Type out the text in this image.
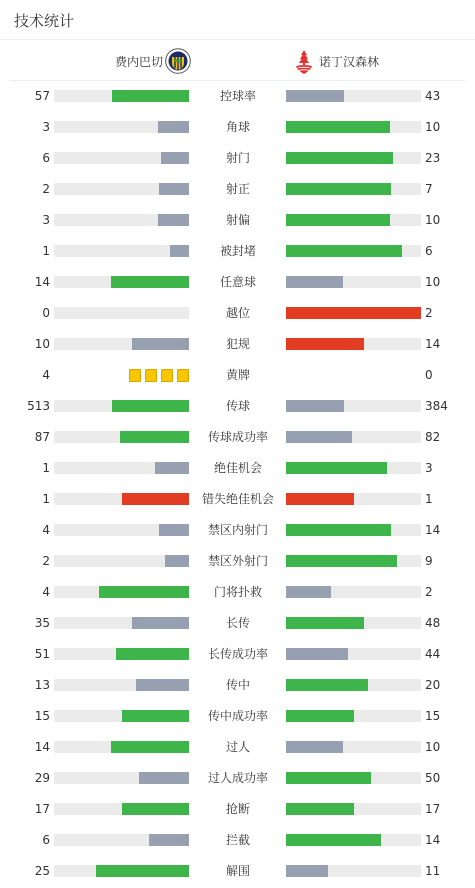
技术统计
费内巴切	诺丁汉森林
57	控球率	43
3	角球	10
6	射门	23
2	射正	7
3	射偏	10
1	被封堵	6
14	任意球	10
0	越位	2
10	犯规	14
4	黄牌	0
513	传球	384
87	传球成功率	82
1	绝佳机会	3
1	错失绝佳机会	1
4	禁区内射门	14
2	禁区外射门	9
4	门将扑救	2
35	长传	48
51	长传成功率	44
13	传中	20
15	传中成功率	15
14	过人	10
29	过人成功率	50
17	抢断	17
6	拦截	14
25	解围	11
